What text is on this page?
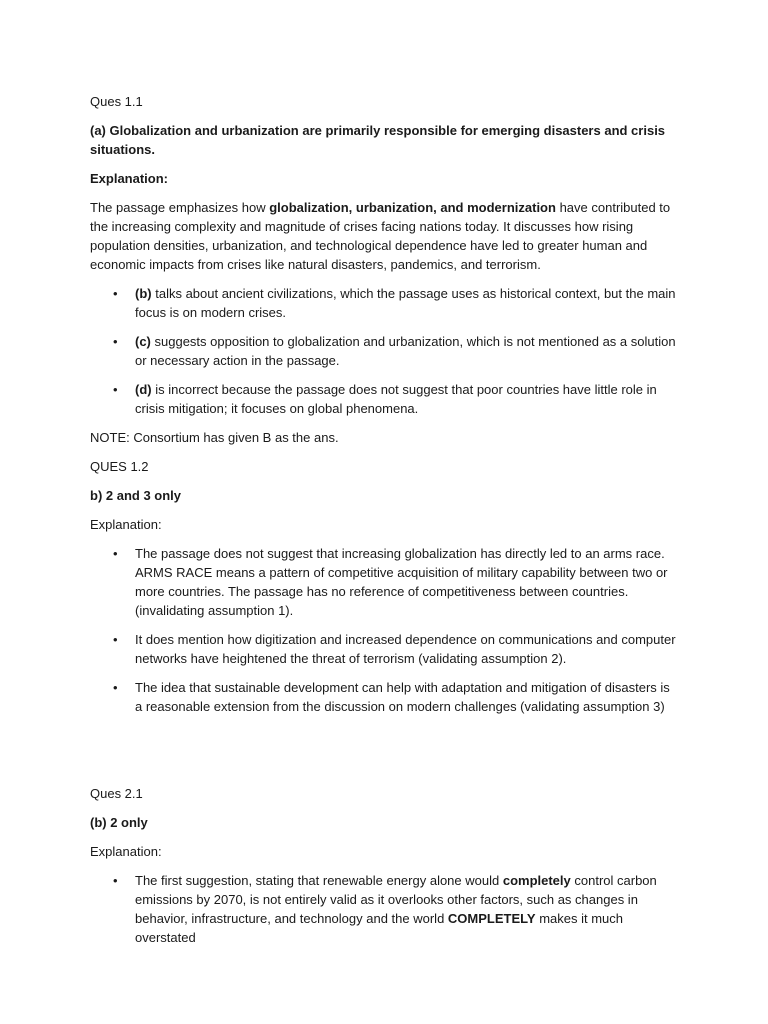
Ques 1.1

(a) Globalization and urbanization are primarily responsible for emerging disasters and crisis situations.

Explanation:

The passage emphasizes how globalization, urbanization, and modernization have contributed to the increasing complexity and magnitude of crises facing nations today. It discusses how rising population densities, urbanization, and technological dependence have led to greater human and economic impacts from crises like natural disasters, pandemics, and terrorism.

• (b) talks about ancient civilizations, which the passage uses as historical context, but the main focus is on modern crises.
• (c) suggests opposition to globalization and urbanization, which is not mentioned as a solution or necessary action in the passage.
• (d) is incorrect because the passage does not suggest that poor countries have little role in crisis mitigation; it focuses on global phenomena.

NOTE: Consortium has given B as the ans.

QUES 1.2

b) 2 and 3 only

Explanation:

• The passage does not suggest that increasing globalization has directly led to an arms race. ARMS RACE means a pattern of competitive acquisition of military capability between two or more countries. The passage has no reference of competitiveness between countries. (invalidating assumption 1).
• It does mention how digitization and increased dependence on communications and computer networks have heightened the threat of terrorism (validating assumption 2).
• The idea that sustainable development can help with adaptation and mitigation of disasters is a reasonable extension from the discussion on modern challenges (validating assumption 3)

Ques 2.1

(b) 2 only

Explanation:

• The first suggestion, stating that renewable energy alone would completely control carbon emissions by 2070, is not entirely valid as it overlooks other factors, such as changes in behavior, infrastructure, and technology and the world COMPLETELY makes it much overstated
